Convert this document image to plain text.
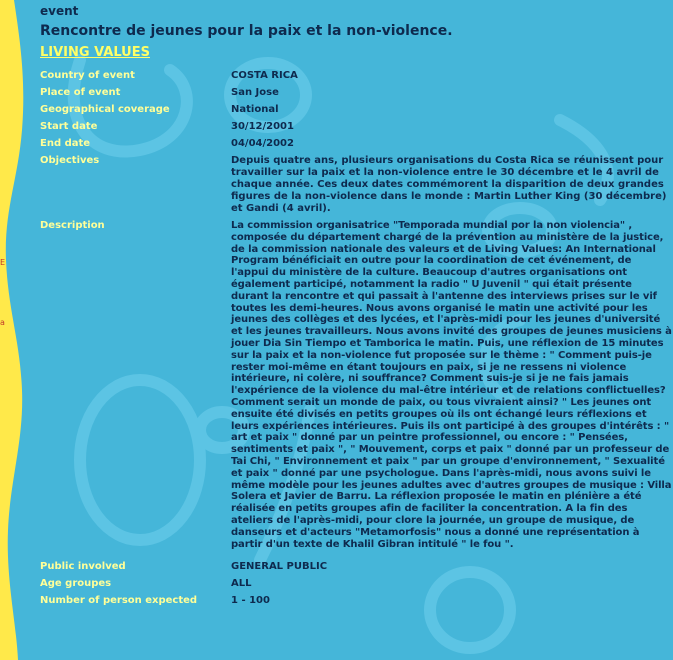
E
a
event
Rencontre de jeunes pour la paix et la non-violence.
LIVING VALUES
Country of event	COSTA RICA
Place of event	San Jose
Geographical coverage	National
Start date	30/12/2001
End date	04/04/2002
Objectives	Depuis quatre ans, plusieurs organisations du Costa Rica se réunissent pour travailler sur la paix et la non-violence entre le 30 décembre et le 4 avril de chaque année. Ces deux dates commémorent la disparition de deux grandes figures de la non-violence dans le monde : Martin Luther King (30 décembre) et Gandi (4 avril).
Description	La commission organisatrice "Temporada mundial por la non violencia" , composée du département chargé de la prévention au ministère de la justice, de la commission nationale des valeurs et de Living Values: An International Program bénéficiait en outre pour la coordination de cet événement, de l'appui du ministère de la culture. Beaucoup d'autres organisations ont également participé, notamment la radio " U Juvenil " qui était présente durant la rencontre et qui passait à l'antenne des interviews prises sur le vif toutes les demi-heures. Nous avons organisé le matin une activité pour les jeunes des collèges et des lycées, et l'après-midi pour les jeunes d'université et les jeunes travailleurs. Nous avons invité des groupes de jeunes musiciens à jouer Dia Sin Tiempo et Tamborica le matin. Puis, une réflexion de 15 minutes sur la paix et la non-violence fut proposée sur le thème : " Comment puis-je rester moi-même en étant toujours en paix, si je ne ressens ni violence intérieure, ni colère, ni souffrance? Comment suis-je si je ne fais jamais l'expérience de la violence du mal-être intérieur et de relations conflictuelles? Comment serait un monde de paix, ou tous vivraient ainsi? " Les jeunes ont ensuite été divisés en petits groupes où ils ont échangé leurs réflexions et leurs expériences intérieures. Puis ils ont participé à des groupes d'intérêts : " art et paix " donné par un peintre professionnel, ou encore : " Pensées, sentiments et paix ", " Mouvement, corps et paix " donné par un professeur de Tai Chi, " Environnement et paix " par un groupe d'environnement, " Sexualité et paix " donné par une psychologue. Dans l'après-midi, nous avons suivi le même modèle pour les jeunes adultes avec d'autres groupes de musique : Villa Solera et Javier de Barru. La réflexion proposée le matin en plénière a été réalisée en petits groupes afin de faciliter la concentration. A la fin des ateliers de l'après-midi, pour clore la journée, un groupe de musique, de danseurs et d'acteurs "Metamorfosis" nous a donné une représentation à partir d'un texte de Khalil Gibran intitulé " le fou ".
Public involved	GENERAL PUBLIC
Age groupes	ALL
Number of person expected	1 - 100
